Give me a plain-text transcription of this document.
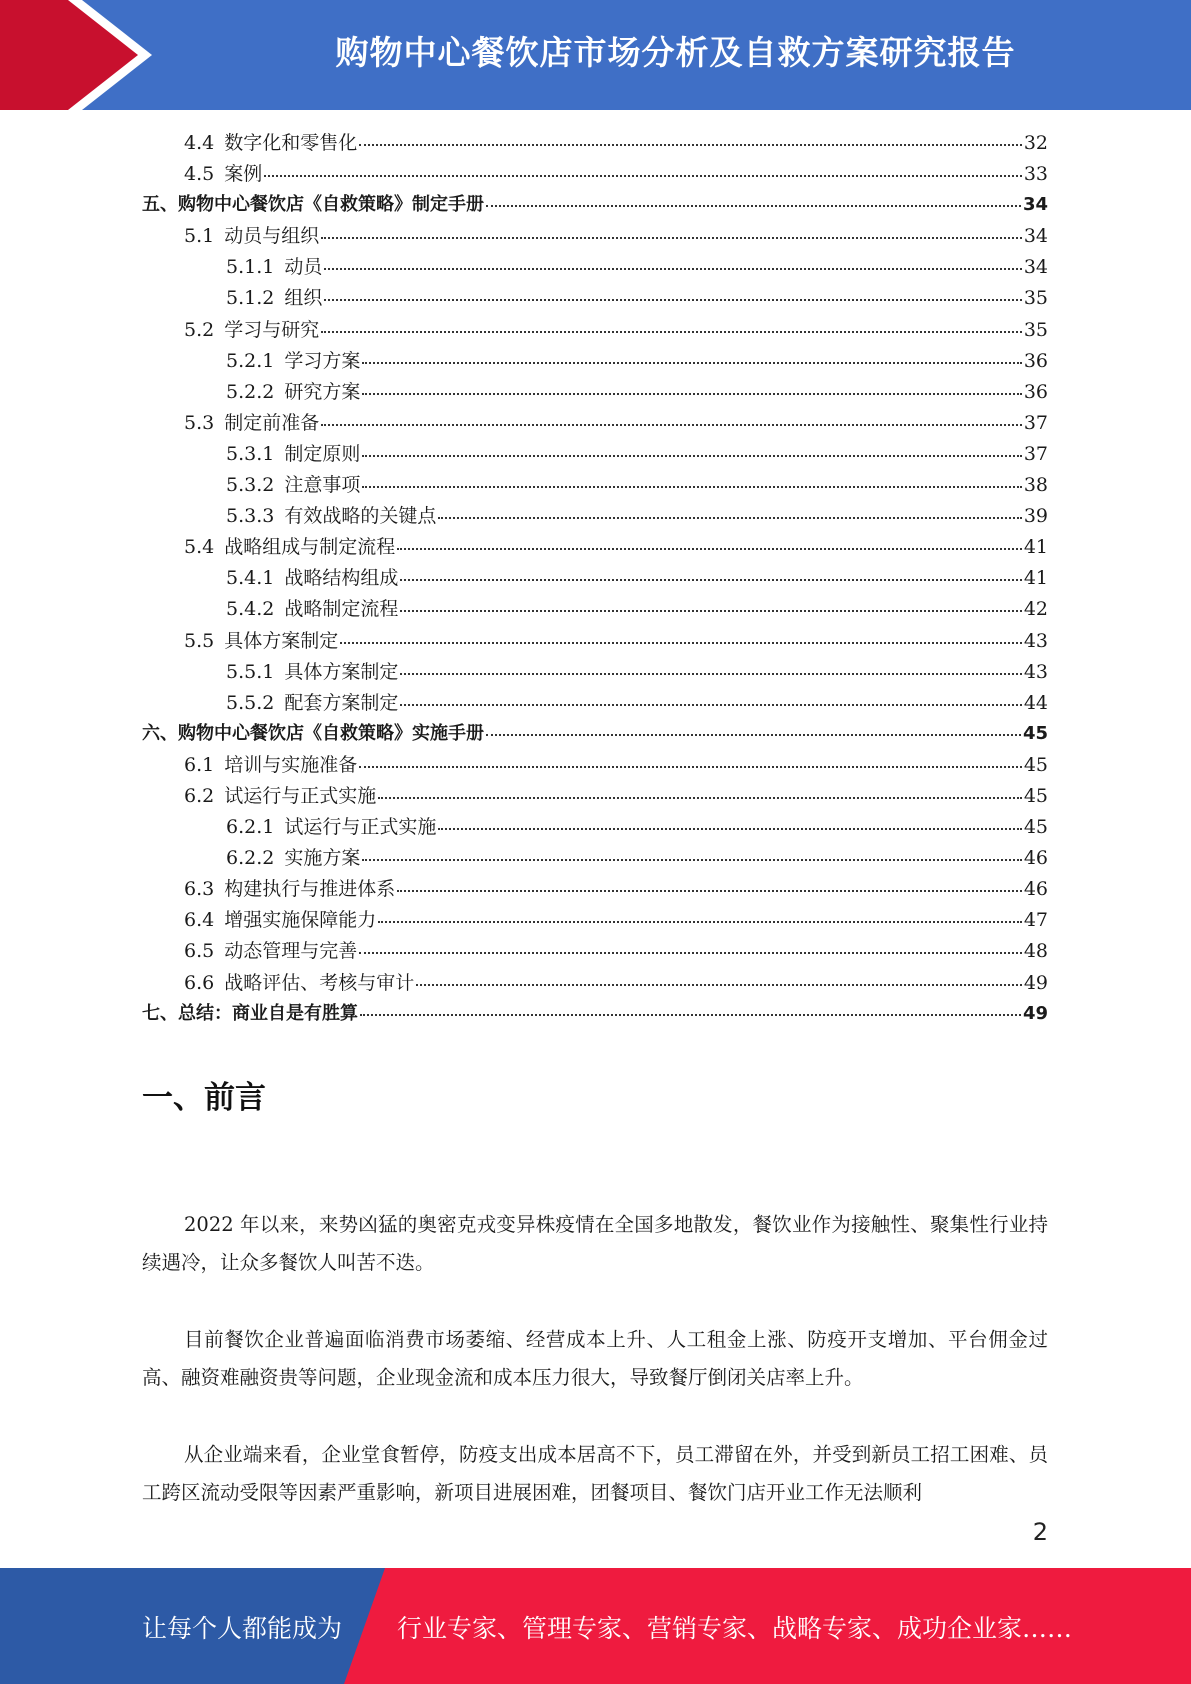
购物中心餐饮店市场分析及自救方案研究报告
4.4 数字化和零售化	32
4.5 案例	33
五、购物中心餐饮店《自救策略》制定手册	34
5.1 动员与组织	34
5.1.1 动员	34
5.1.2 组织	35
5.2 学习与研究	35
5.2.1 学习方案	36
5.2.2 研究方案	36
5.3 制定前准备	37
5.3.1 制定原则	37
5.3.2 注意事项	38
5.3.3 有效战略的关键点	39
5.4 战略组成与制定流程	41
5.4.1 战略结构组成	41
5.4.2 战略制定流程	42
5.5 具体方案制定	43
5.5.1 具体方案制定	43
5.5.2 配套方案制定	44
六、购物中心餐饮店《自救策略》实施手册	45
6.1 培训与实施准备	45
6.2 试运行与正式实施	45
6.2.1 试运行与正式实施	45
6.2.2 实施方案	46
6.3 构建执行与推进体系	46
6.4 增强实施保障能力	47
6.5 动态管理与完善	48
6.6 战略评估、考核与审计	49
七、总结：商业自是有胜算	49
一、前言

2022 年以来，来势凶猛的奥密克戎变异株疫情在全国多地散发，餐饮业作为接触性、聚集性行业持续遇冷，让众多餐饮人叫苦不迭。

目前餐饮企业普遍面临消费市场萎缩、经营成本上升、人工租金上涨、防疫开支增加、平台佣金过高、融资难融资贵等问题，企业现金流和成本压力很大，导致餐厅倒闭关店率上升。

从企业端来看，企业堂食暂停，防疫支出成本居高不下，员工滞留在外，并受到新员工招工困难、员工跨区流动受限等因素严重影响，新项目进展困难，团餐项目、餐饮门店开业工作无法顺利

2
让每个人都能成为 行业专家、管理专家、营销专家、战略专家、成功企业家……
